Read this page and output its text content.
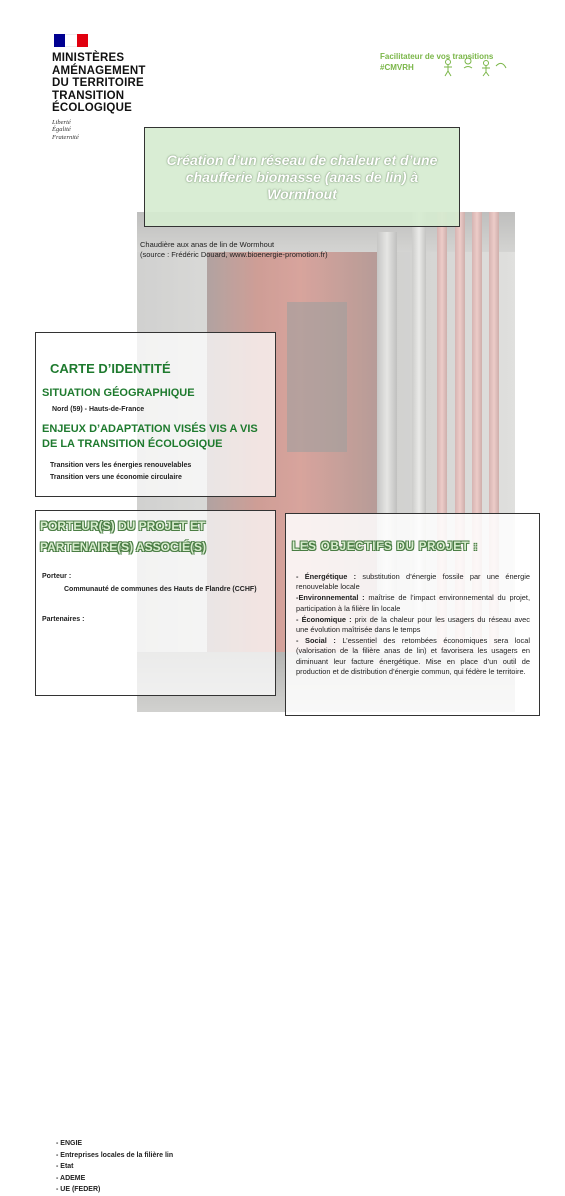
MINISTÈRES
AMÉNAGEMENT
DU TERRITOIRE
TRANSITION
ÉCOLOGIQUE
Liberté
Égalité
Fraternité
Facilitateur de vos transitions
#CMVRH
Chaudière aux anas de lin de Wormhout
(source : Frédéric Douard, www.bioenergie-promotion.fr)
Création d’un réseau de chaleur et d’une chaufferie biomasse (anas de lin) à Wormhout
CARTE D’IDENTITÉ
SITUATION GÉOGRAPHIQUE
Nord (59) - Hauts-de-France
ENJEUX D’ADAPTATION VISÉS VIS A VIS DE LA TRANSITION ÉCOLOGIQUE
Transition vers les énergies renouvelables
Transition vers une économie circulaire
PORTEUR(S) DU PROJET ET
PARTENAIRE(S) ASSOCIÉ(S)
Porteur :
Communauté de communes des Hauts de Flandre (CCHF)
Partenaires :
- ENGIE
- Entreprises locales de la filière lin
- Etat
- ADEME
- UE (FEDER)
LES OBJECTIFS DU PROJET :

- Énergétique : substitution d’énergie fossile par une énergie renouvelable locale

-Environnemental : maîtrise de l’impact environnemental du projet, participation à la filière lin locale

- Économique : prix de la chaleur pour les usagers du réseau avec une évolution maîtrisée dans le temps

- Social : L’essentiel des retombées économiques sera local (valorisation de la filière anas de lin) et favorisera les usagers en diminuant leur facture énergétique. Mise en place d’un outil de production et de distribution d’énergie commun, qui fédère le territoire.
